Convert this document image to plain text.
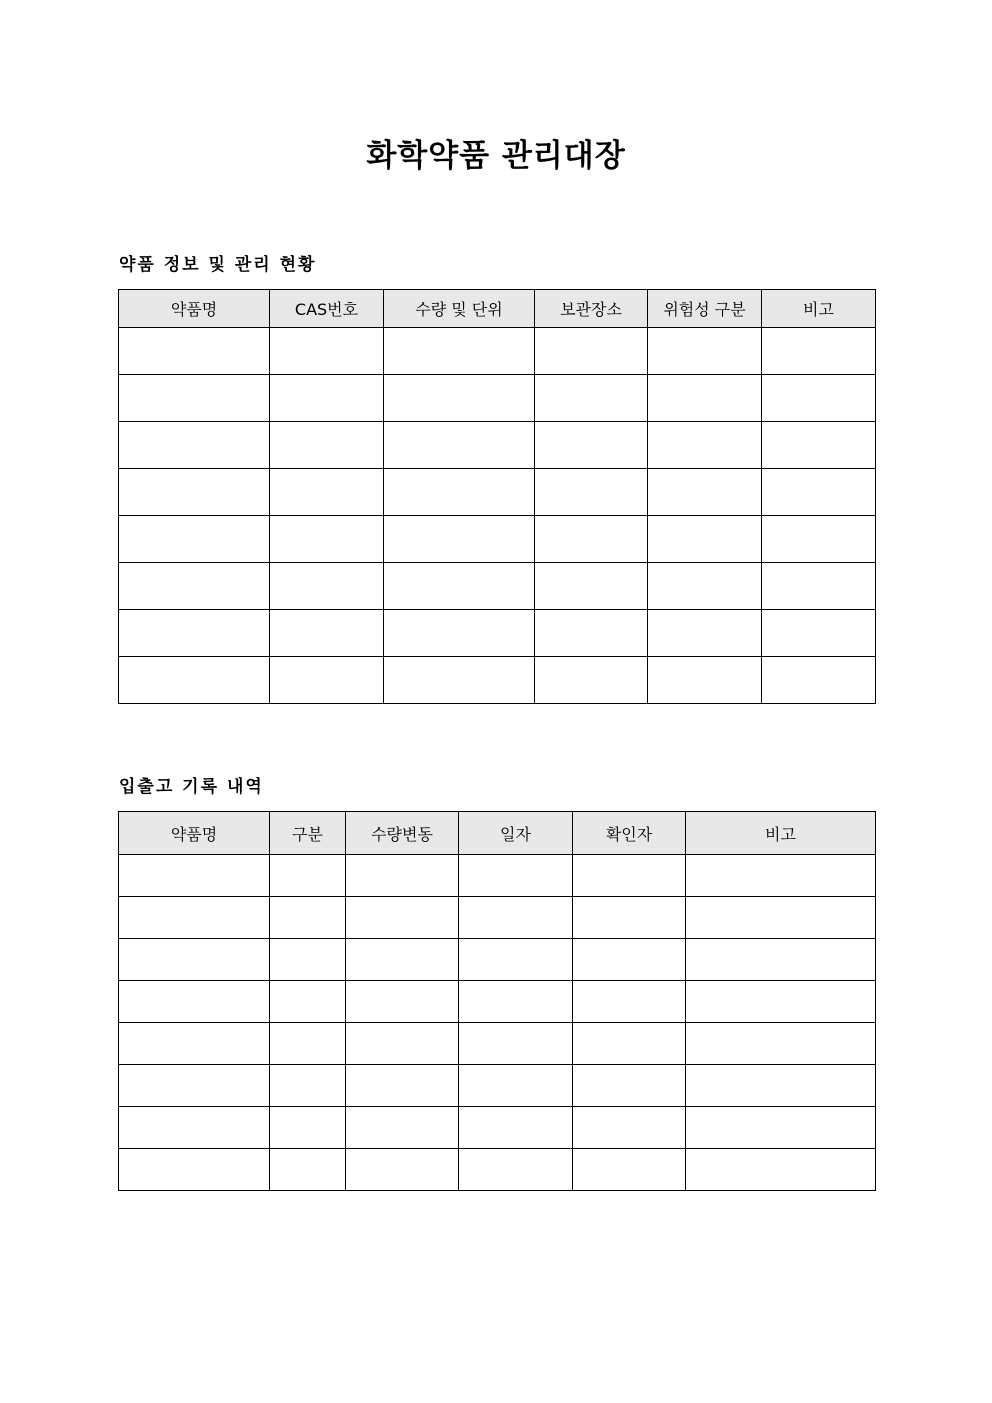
화학약품 관리대장
약품 정보 및 관리 현황
약품명	CAS번호	수량 및 단위	보관장소	위험성 구분	비고

입출고 기록 내역
약품명	구분	수량변동	일자	확인자	비고
